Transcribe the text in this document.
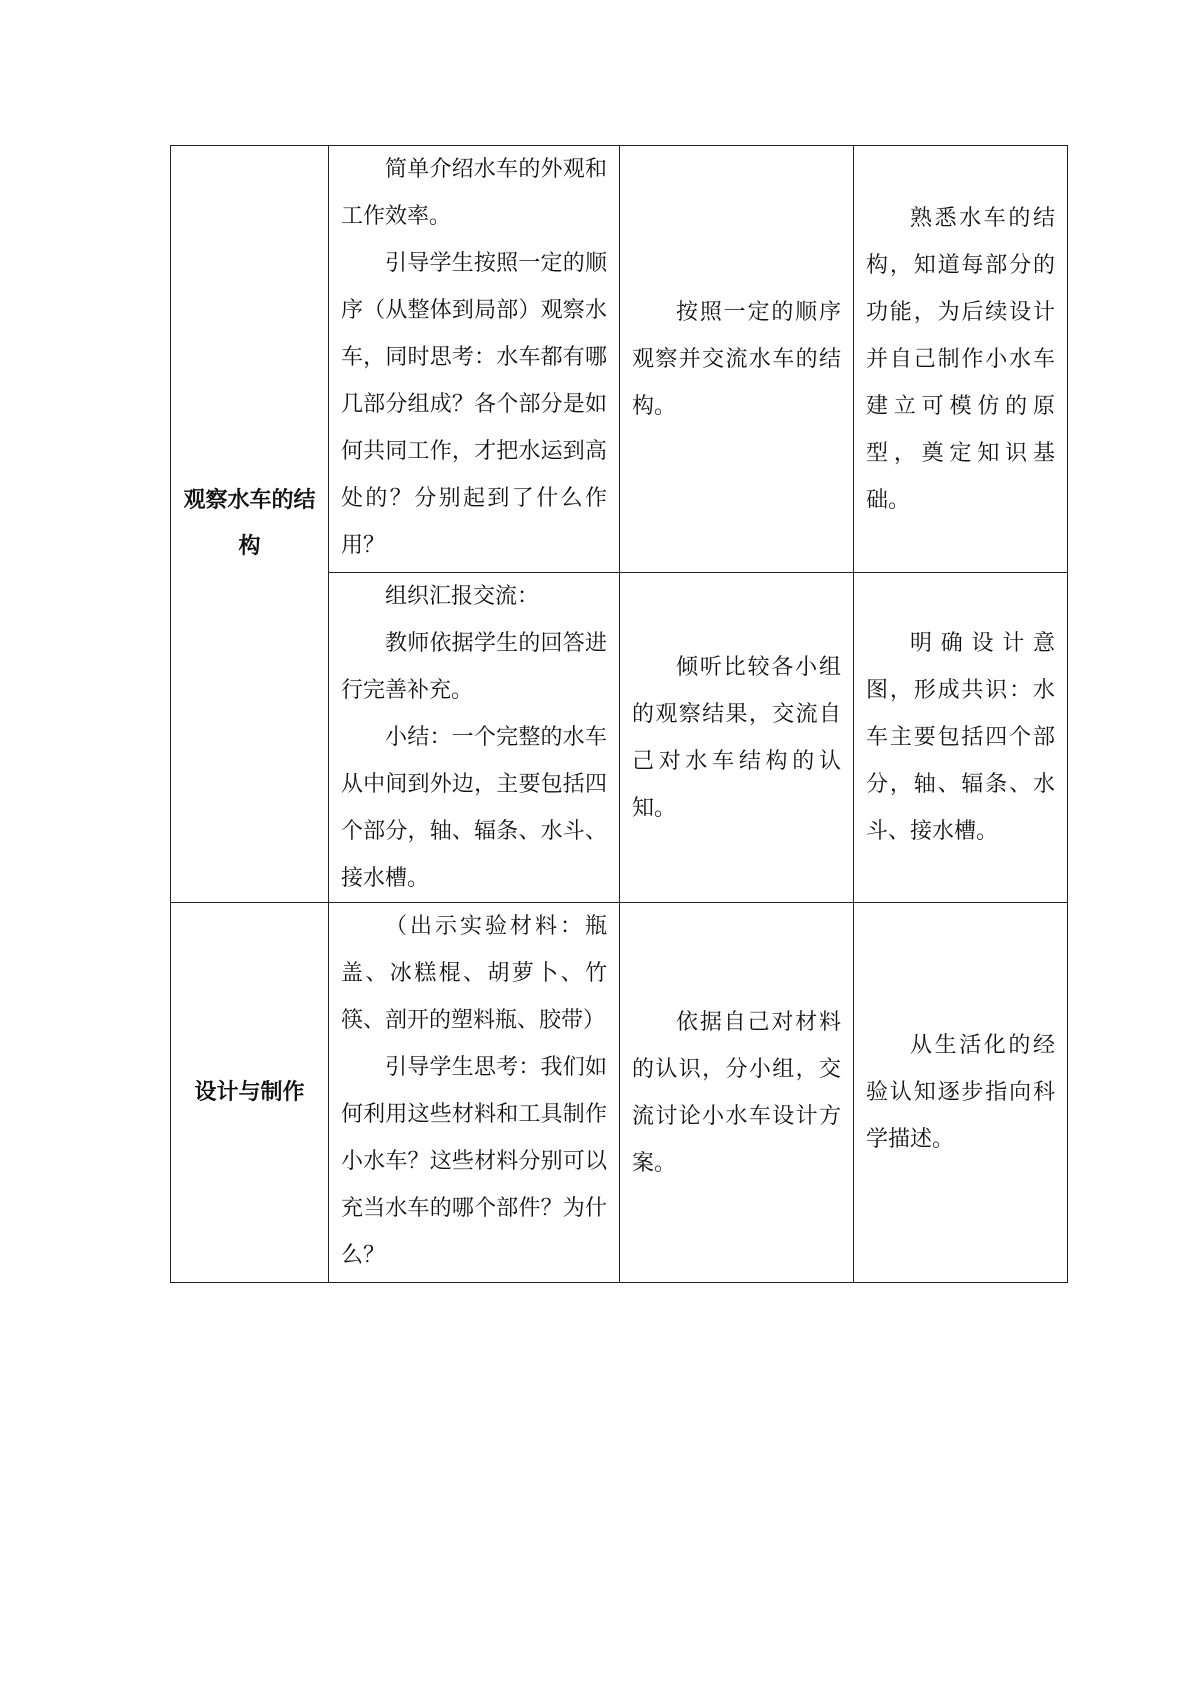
观察水车的结构	简单介绍水车的外观和工作效率。

引导学生按照一定的顺序（从整体到局部）观察水车，同时思考：水车都有哪几部分组成？各个部分是如何共同工作，才把水运到高处的？分别起到了什么作用？	按照一定的顺序观察并交流水车的结构。	熟悉水车的结构，知道每部分的功能，为后续设计并自己制作小水车建立可模仿的原型，奠定知识基础。

	组织汇报交流：

教师依据学生的回答进行完善补充。

小结：一个完整的水车从中间到外边，主要包括四个部分，轴、辐条、水斗、接水槽。	倾听比较各小组的观察结果，交流自己对水车结构的认知。	明确设计意图，形成共识：水车主要包括四个部分，轴、辐条、水斗、接水槽。

设计与制作	（出示实验材料：瓶盖、冰糕棍、胡萝卜、竹筷、剖开的塑料瓶、胶带）

引导学生思考：我们如何利用这些材料和工具制作小水车？这些材料分别可以充当水车的哪个部件？为什么？	依据自己对材料的认识，分小组，交流讨论小水车设计方案。	从生活化的经验认知逐步指向科学描述。
